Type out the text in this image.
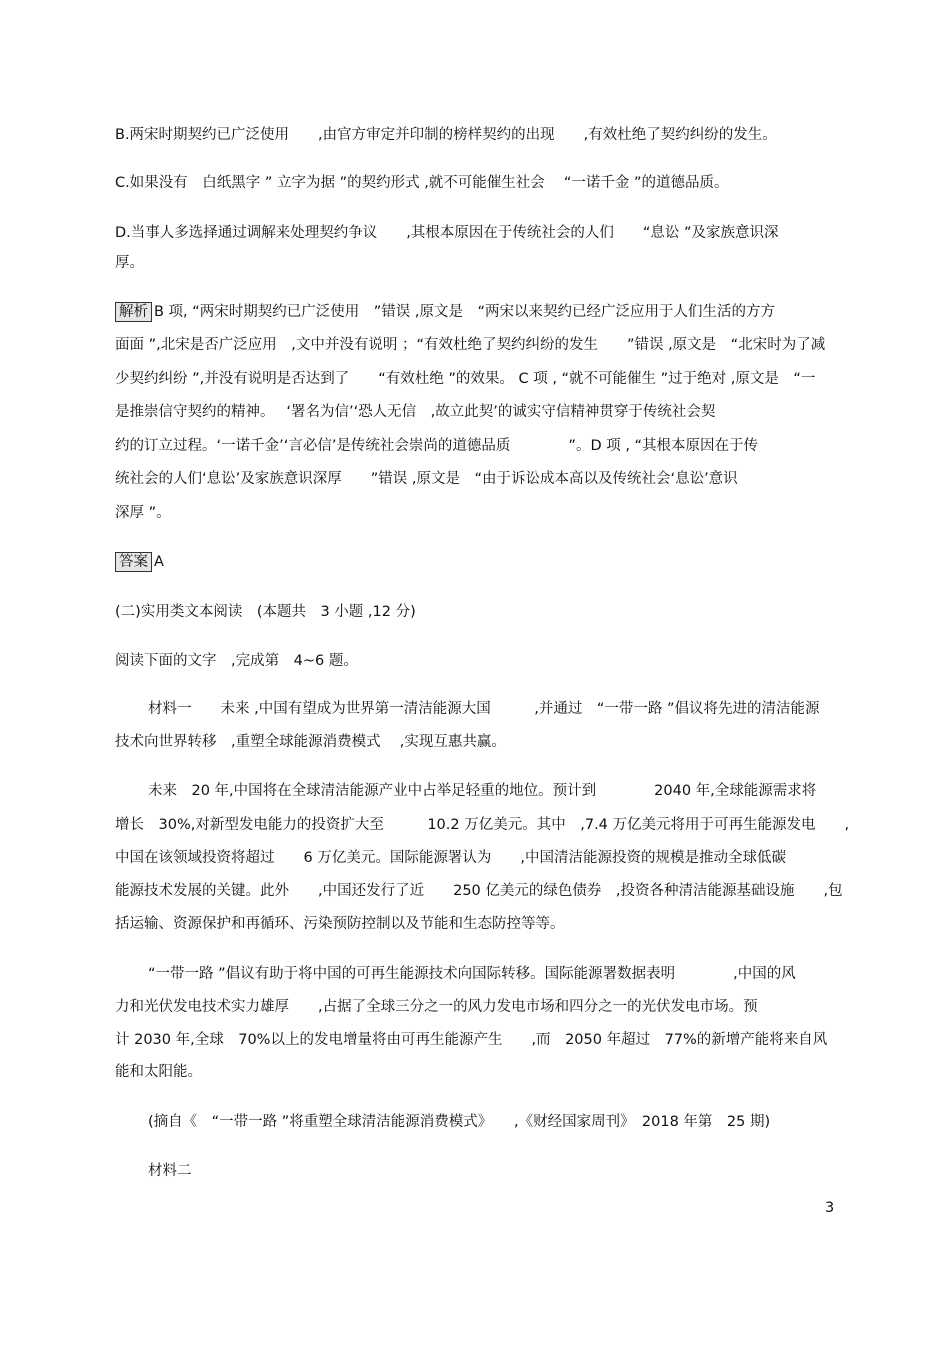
B.两宋时期契约已广泛使用　　,由官方审定并印制的榜样契约的出现　　,有效杜绝了契约纠纷的发生。

C.如果没有　白纸黑字 ” 立字为据 ”的契约形式 ,就不可能催生社会 　“一诺千金 ”的道德品质。

D.当事人多选择通过调解来处理契约争议　　,其根本原因在于传统社会的人们　　“息讼 ”及家族意识深

厚。

解析 B 项, “两宋时期契约已广泛使用　”错误 ,原文是　“两宋以来契约已经广泛应用于人们生活的方方

面面 ”,北宋是否广泛应用　,文中并没有说明 ；“有效杜绝了契约纠纷的发生　　”错误 ,原文是　“北宋时为了减

少契约纠纷 ”,并没有说明是否达到了　　“有效杜绝 ”的效果。 C 项 , “就不可能催生 ”过于绝对 ,原文是　“一

是推崇信守契约的精神。　 ‘署名为信’‘恐人无信　,故立此契’的诚实守信精神贯穿于传统社会契

约的订立过程。‘一诺千金’‘言必信’是传统社会崇尚的道德品质　　　　”。D 项 , “其根本原因在于传

统社会的人们‘息讼’及家族意识深厚　　”错误 ,原文是　“由于诉讼成本高以及传统社会‘息讼’意识

深厚 ”。

答案 A

(二)实用类文本阅读　(本题共　3 小题 ,12 分)

阅读下面的文字　,完成第　4~6 题。

材料一　　未来 ,中国有望成为世界第一清洁能源大国　　　,并通过　“一带一路 ”倡议将先进的清洁能源

技术向世界转移　,重塑全球能源消费模式　 ,实现互惠共赢。

未来　20 年,中国将在全球清洁能源产业中占举足轻重的地位。预计到　　　　2040 年,全球能源需求将

增长　30%,对新型发电能力的投资扩大至　　　10.2 万亿美元。其中　,7.4 万亿美元将用于可再生能源发电　　,

中国在该领域投资将超过　　6 万亿美元。国际能源署认为　　,中国清洁能源投资的规模是推动全球低碳

能源技术发展的关键。此外　　,中国还发行了近　　250 亿美元的绿色债券　,投资各种清洁能源基础设施　　,包

括运输、资源保护和再循环、污染预防控制以及节能和生态防控等等。

“一带一路 ”倡议有助于将中国的可再生能源技术向国际转移。国际能源署数据表明　　　　,中国的风

力和光伏发电技术实力雄厚　　,占据了全球三分之一的风力发电市场和四分之一的光伏发电市场。预

计 2030 年,全球　70%以上的发电增量将由可再生能源产生　　,而　2050 年超过　77%的新增产能将来自风

能和太阳能。

(摘自《　“一带一路 ”将重塑全球清洁能源消费模式》　　,《财经国家周刊》　2018 年第　25 期)

材料二

3
